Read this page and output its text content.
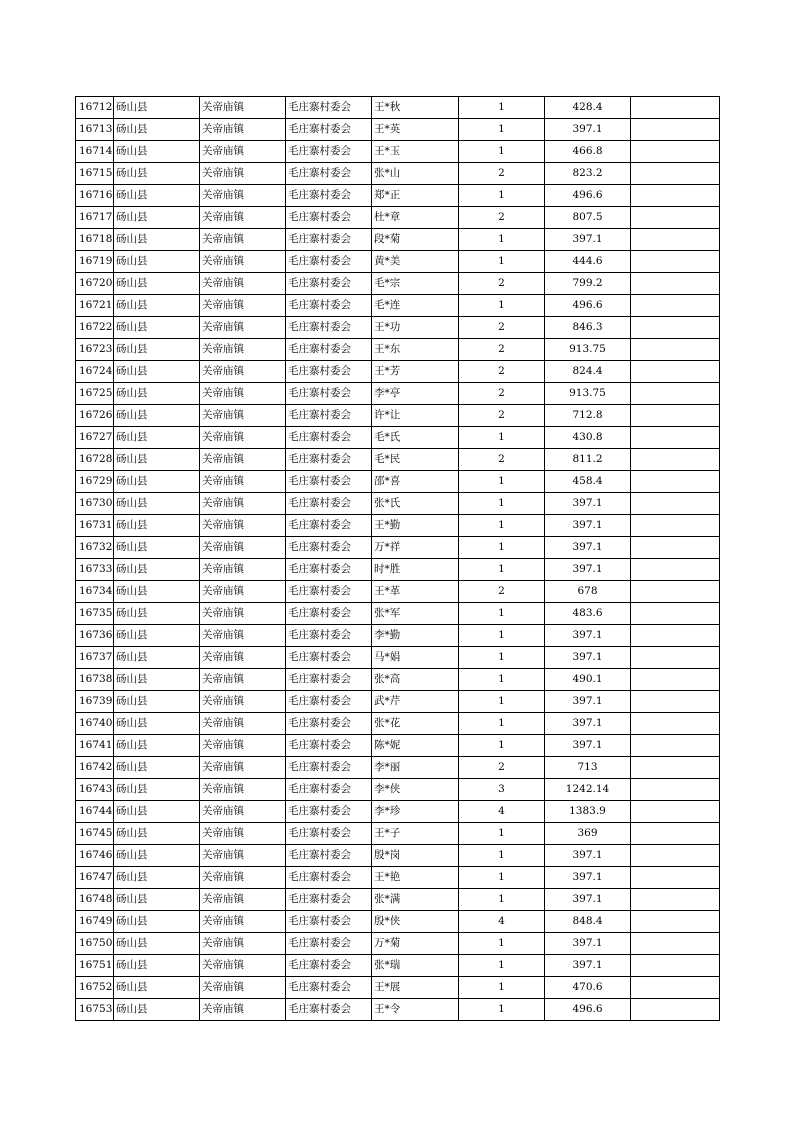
16712	砀山县	关帝庙镇	毛庄寨村委会	王*秋	1	428.4	
16713	砀山县	关帝庙镇	毛庄寨村委会	王*英	1	397.1	
16714	砀山县	关帝庙镇	毛庄寨村委会	王*玉	1	466.8	
16715	砀山县	关帝庙镇	毛庄寨村委会	张*山	2	823.2	
16716	砀山县	关帝庙镇	毛庄寨村委会	郑*正	1	496.6	
16717	砀山县	关帝庙镇	毛庄寨村委会	杜*章	2	807.5	
16718	砀山县	关帝庙镇	毛庄寨村委会	段*菊	1	397.1	
16719	砀山县	关帝庙镇	毛庄寨村委会	黄*美	1	444.6	
16720	砀山县	关帝庙镇	毛庄寨村委会	毛*宗	2	799.2	
16721	砀山县	关帝庙镇	毛庄寨村委会	毛*连	1	496.6	
16722	砀山县	关帝庙镇	毛庄寨村委会	王*功	2	846.3	
16723	砀山县	关帝庙镇	毛庄寨村委会	王*东	2	913.75	
16724	砀山县	关帝庙镇	毛庄寨村委会	王*芳	2	824.4	
16725	砀山县	关帝庙镇	毛庄寨村委会	李*亭	2	913.75	
16726	砀山县	关帝庙镇	毛庄寨村委会	许*让	2	712.8	
16727	砀山县	关帝庙镇	毛庄寨村委会	毛*氏	1	430.8	
16728	砀山县	关帝庙镇	毛庄寨村委会	毛*民	2	811.2	
16729	砀山县	关帝庙镇	毛庄寨村委会	邵*喜	1	458.4	
16730	砀山县	关帝庙镇	毛庄寨村委会	张*氏	1	397.1	
16731	砀山县	关帝庙镇	毛庄寨村委会	王*勤	1	397.1	
16732	砀山县	关帝庙镇	毛庄寨村委会	万*祥	1	397.1	
16733	砀山县	关帝庙镇	毛庄寨村委会	时*胜	1	397.1	
16734	砀山县	关帝庙镇	毛庄寨村委会	王*革	2	678	
16735	砀山县	关帝庙镇	毛庄寨村委会	张*军	1	483.6	
16736	砀山县	关帝庙镇	毛庄寨村委会	李*勤	1	397.1	
16737	砀山县	关帝庙镇	毛庄寨村委会	马*娟	1	397.1	
16738	砀山县	关帝庙镇	毛庄寨村委会	张*高	1	490.1	
16739	砀山县	关帝庙镇	毛庄寨村委会	武*芹	1	397.1	
16740	砀山县	关帝庙镇	毛庄寨村委会	张*花	1	397.1	
16741	砀山县	关帝庙镇	毛庄寨村委会	陈*妮	1	397.1	
16742	砀山县	关帝庙镇	毛庄寨村委会	李*丽	2	713	
16743	砀山县	关帝庙镇	毛庄寨村委会	李*侠	3	1242.14	
16744	砀山县	关帝庙镇	毛庄寨村委会	李*珍	4	1383.9	
16745	砀山县	关帝庙镇	毛庄寨村委会	王*子	1	369	
16746	砀山县	关帝庙镇	毛庄寨村委会	殷*岗	1	397.1	
16747	砀山县	关帝庙镇	毛庄寨村委会	王*艳	1	397.1	
16748	砀山县	关帝庙镇	毛庄寨村委会	张*满	1	397.1	
16749	砀山县	关帝庙镇	毛庄寨村委会	殷*侠	4	848.4	
16750	砀山县	关帝庙镇	毛庄寨村委会	万*菊	1	397.1	
16751	砀山县	关帝庙镇	毛庄寨村委会	张*瑞	1	397.1	
16752	砀山县	关帝庙镇	毛庄寨村委会	王*展	1	470.6	
16753	砀山县	关帝庙镇	毛庄寨村委会	王*令	1	496.6	
